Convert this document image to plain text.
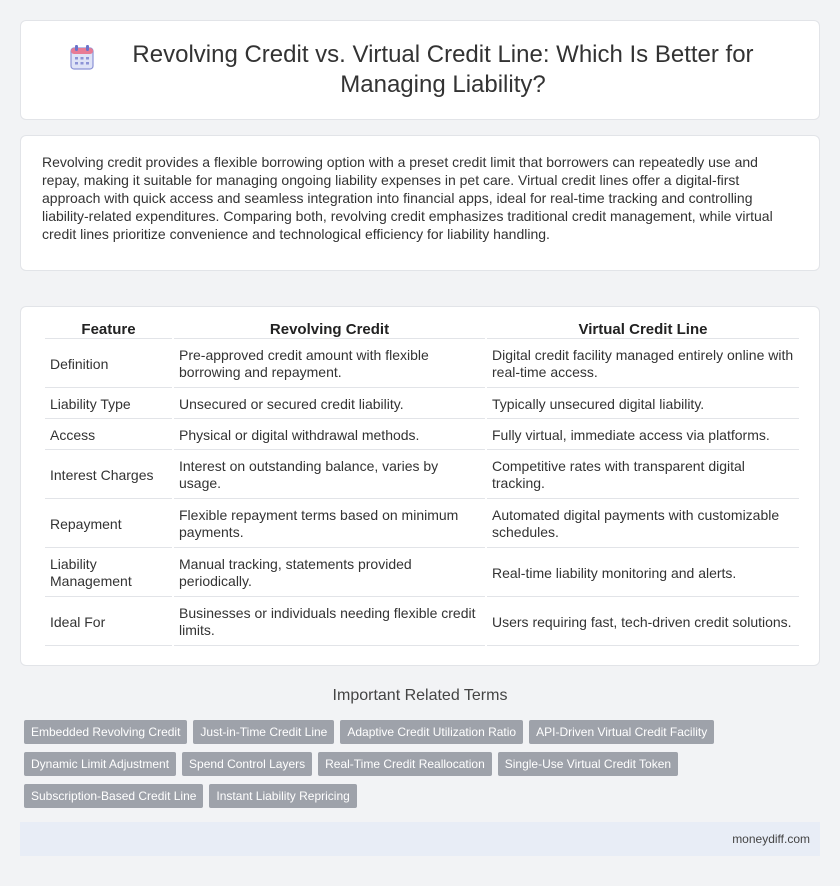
Revolving Credit vs. Virtual Credit Line: Which Is Better for Managing Liability?

Revolving credit provides a flexible borrowing option with a preset credit limit that borrowers can repeatedly use and repay, making it suitable for managing ongoing liability expenses in pet care. Virtual credit lines offer a digital-first approach with quick access and seamless integration into financial apps, ideal for real-time tracking and controlling liability-related expenditures. Comparing both, revolving credit emphasizes traditional credit management, while virtual credit lines prioritize convenience and technological efficiency for liability handling.

Feature	Revolving Credit	Virtual Credit Line
Definition	Pre-approved credit amount with flexible borrowing and repayment.	Digital credit facility managed entirely online with real-time access.
Liability Type	Unsecured or secured credit liability.	Typically unsecured digital liability.
Access	Physical or digital withdrawal methods.	Fully virtual, immediate access via platforms.
Interest Charges	Interest on outstanding balance, varies by usage.	Competitive rates with transparent digital tracking.
Repayment	Flexible repayment terms based on minimum payments.	Automated digital payments with customizable schedules.
Liability Management	Manual tracking, statements provided periodically.	Real-time liability monitoring and alerts.
Ideal For	Businesses or individuals needing flexible credit limits.	Users requiring fast, tech-driven credit solutions.
Important Related Terms
Embedded Revolving Credit	Just-in-Time Credit Line	Adaptive Credit Utilization Ratio	API-Driven Virtual Credit Facility
Dynamic Limit Adjustment	Spend Control Layers	Real-Time Credit Reallocation	Single-Use Virtual Credit Token
Subscription-Based Credit Line	Instant Liability Repricing
moneydiff.com
